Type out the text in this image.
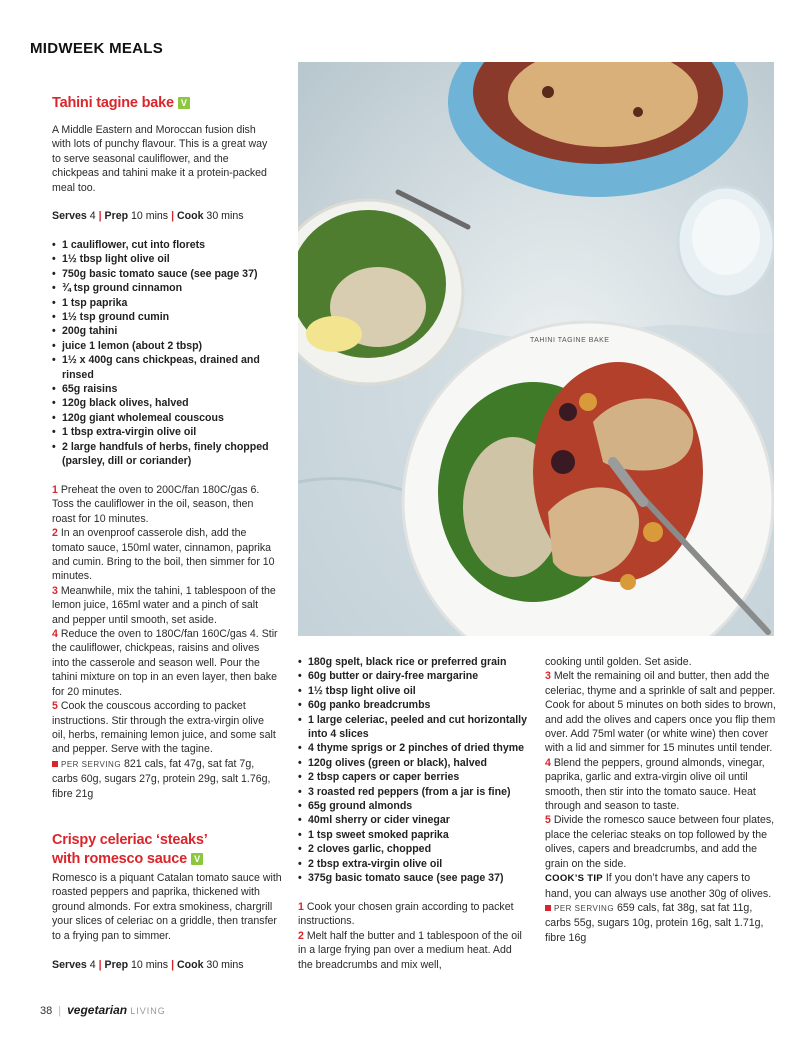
MIDWEEK MEALS
Tahini tagine bake V
A Middle Eastern and Moroccan fusion dish with lots of punchy flavour. This is a great way to serve seasonal cauliflower, and the chickpeas and tahini make it a protein-packed meal too.
Serves 4 | Prep 10 mins | Cook 30 mins
• 1 cauliflower, cut into florets
• 1½ tbsp light olive oil
• 750g basic tomato sauce (see page 37)
• ¾ tsp ground cinnamon
• 1 tsp paprika
• 1½ tsp ground cumin
• 200g tahini
• juice 1 lemon (about 2 tbsp)
• 1½ x 400g cans chickpeas, drained and rinsed
• 65g raisins
• 120g black olives, halved
• 120g giant wholemeal couscous
• 1 tbsp extra-virgin olive oil
• 2 large handfuls of herbs, finely chopped (parsley, dill or coriander)

1 Preheat the oven to 200C/fan 180C/gas 6. Toss the cauliflower in the oil, season, then roast for 10 minutes.

2 In an ovenproof casserole dish, add the tomato sauce, 150ml water, cinnamon, paprika and cumin. Bring to the boil, then simmer for 10 minutes.

3 Meanwhile, mix the tahini, 1 tablespoon of the lemon juice, 165ml water and a pinch of salt and pepper until smooth, set aside.

4 Reduce the oven to 180C/fan 160C/gas 4. Stir the cauliflower, chickpeas, raisins and olives into the casserole and season well. Pour the tahini mixture on top in an even layer, then bake for 20 minutes.

5 Cook the couscous according to packet instructions. Stir through the extra-virgin olive oil, herbs, remaining lemon juice, and some salt and pepper. Serve with the tagine.

PER SERVING 821 cals, fat 47g, sat fat 7g, carbs 60g, sugars 27g, protein 29g, salt 1.76g, fibre 21g

Crispy celeriac ‘steaks’
with romesco sauce V
Romesco is a piquant Catalan tomato sauce with roasted peppers and paprika, thickened with ground almonds. For extra smokiness, chargrill your slices of celeriac on a griddle, then transfer to a frying pan to simmer.
Serves 4 | Prep 10 mins | Cook 30 mins
TAHINI TAGINE BAKE
• 180g spelt, black rice or preferred grain
• 60g butter or dairy-free margarine
• 1½ tbsp light olive oil
• 60g panko breadcrumbs
• 1 large celeriac, peeled and cut horizontally into 4 slices
• 4 thyme sprigs or 2 pinches of dried thyme
• 120g olives (green or black), halved
• 2 tbsp capers or caper berries
• 3 roasted red peppers (from a jar is fine)
• 65g ground almonds
• 40ml sherry or cider vinegar
• 1 tsp sweet smoked paprika
• 2 cloves garlic, chopped
• 2 tbsp extra-virgin olive oil
• 375g basic tomato sauce (see page 37)

1 Cook your chosen grain according to packet instructions.

2 Melt half the butter and 1 tablespoon of the oil in a large frying pan over a medium heat. Add the breadcrumbs and mix well,

cooking until golden. Set aside.

3 Melt the remaining oil and butter, then add the celeriac, thyme and a sprinkle of salt and pepper. Cook for about 5 minutes on both sides to brown, and add the olives and capers once you flip them over. Add 75ml water (or white wine) then cover with a lid and simmer for 15 minutes until tender.

4 Blend the peppers, ground almonds, vinegar, paprika, garlic and extra-virgin olive oil until smooth, then stir into the tomato sauce. Heat through and season to taste.

5 Divide the romesco sauce between four plates, place the celeriac steaks on top followed by the olives, capers and breadcrumbs, and add the grain on the side.

COOK’S TIP If you don’t have any capers to hand, you can always use another 30g of olives.

PER SERVING 659 cals, fat 38g, sat fat 11g, carbs 55g, sugars 10g, protein 16g, salt 1.71g, fibre 16g

38 | vegetarian LIVING
